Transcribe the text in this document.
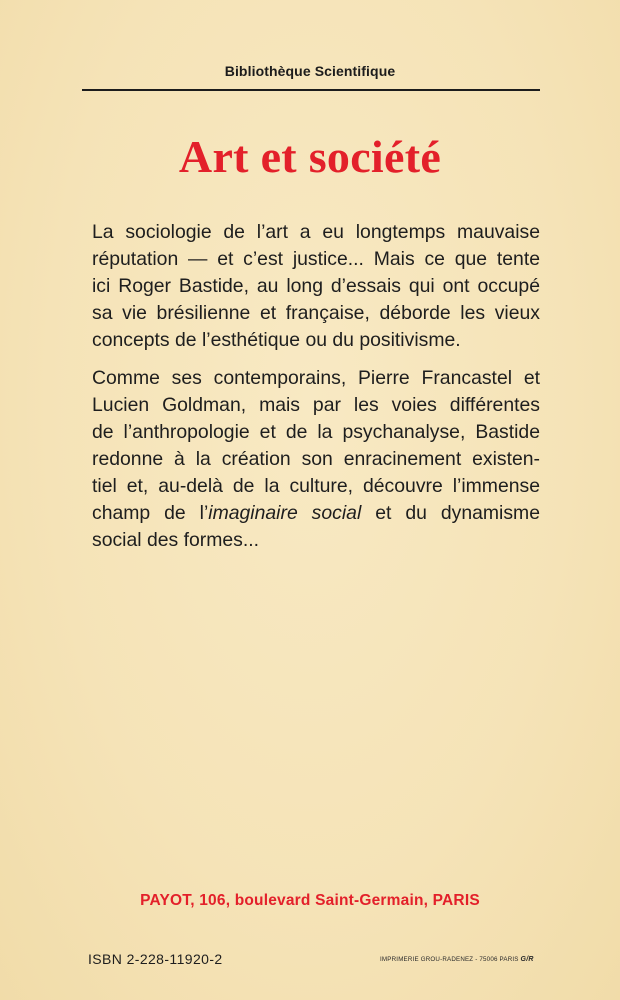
Bibliothèque Scientifique
Art et société
La sociologie de l’art a eu longtemps mauvaise
réputation — et c’est justice... Mais ce que tente
ici Roger Bastide, au long d’essais qui ont occupé
sa vie brésilienne et française, déborde les vieux
concepts de l’esthétique ou du positivisme.
Comme ses contemporains, Pierre Francastel et
Lucien Goldman, mais par les voies différentes
de l’anthropologie et de la psychanalyse, Bastide
redonne à la création son enracinement existen-
tiel et, au-delà de la culture, découvre l’immense
champ de l’imaginaire social et du dynamisme
social des formes...
PAYOT, 106, boulevard Saint-Germain, PARIS
ISBN 2-228-11920-2	IMPRIMERIE GROU-RADENEZ - 75006 PARIS G/R
